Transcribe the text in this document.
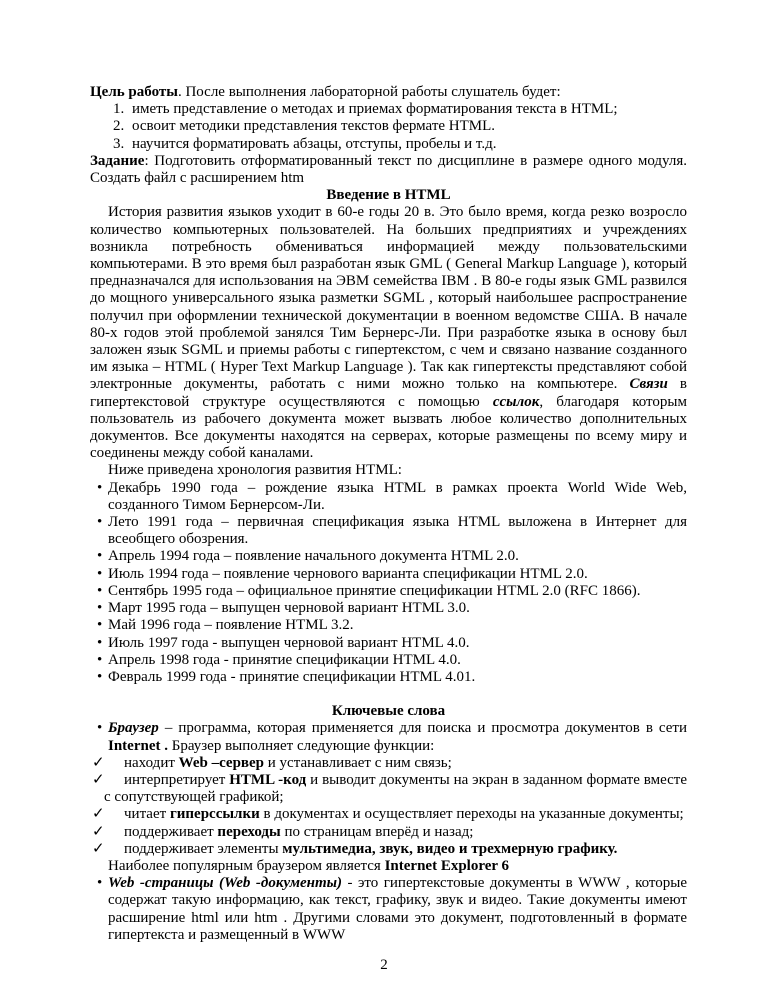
Цель работы. После выполнения лабораторной работы слушатель будет:

1. иметь представление о методах и приемах форматирования текста в HTML;
2. освоит методики представления текстов фермате HTML.
3. научится форматировать абзацы, отступы, пробелы и т.д.

Задание: Подготовить отформатированный текст по дисциплине в размере одного модуля. Создать файл с расширением htm

Введение в HTML

История развития языков уходит в 60-е годы 20 в. Это было время, когда резко возросло количество компьютерных пользователей. На больших предприятиях и учреждениях возникла потребность обмениваться информацией между пользовательскими компьютерами. В это время был разработан язык GML ( General Markup Language ), который предназначался для использования на ЭВМ семейства IBM . В 80-е годы язык GML развился до мощного универсального языка разметки SGML , который наибольшее распространение получил при оформлении технической документации в военном ведомстве США. В начале 80-х годов этой проблемой занялся Тим Бернерс-Ли. При разработке языка в основу был заложен язык SGML и приемы работы с гипертекстом, с чем и связано название созданного им языка – HTML ( Hyper Text Markup Language ). Так как гипертексты представляют собой электронные документы, работать с ними можно только на компьютере. Связи в гипертекстовой структуре осуществляются с помощью ссылок, благодаря которым пользователь из рабочего документа может вызвать любое количество дополнительных документов. Все документы находятся на серверах, которые размещены по всему миру и соединены между собой каналами.

Ниже приведена хронология развития HTML:

• Декабрь 1990 года – рождение языка HTML в рамках проекта World Wide Web, созданного Тимом Бернерсом-Ли.
• Лето 1991 года – первичная спецификация языка HTML выложена в Интернет для всеобщего обозрения.
• Апрель 1994 года – появление начального документа HTML 2.0.
• Июль 1994 года – появление чернового варианта спецификации HTML 2.0.
• Сентябрь 1995 года – официальное принятие спецификации HTML 2.0 (RFC 1866).
• Март 1995 года – выпущен черновой вариант HTML 3.0.
• Май 1996 года – появление HTML 3.2.
• Июль 1997 года - выпущен черновой вариант HTML 4.0.
• Апрель 1998 года - принятие спецификации HTML 4.0.
• Февраль 1999 года - принятие спецификации HTML 4.01.

Ключевые слова

• Браузер – программа, которая применяется для поиска и просмотра документов в сети Internet . Браузер выполняет следующие функции:

✓ находит Web –сервер и устанавливает с ним связь;

✓ интерпретирует HTML -код и выводит документы на экран в заданном формате вместе с сопутствующей графикой;

✓ читает гиперссылки в документах и осуществляет переходы на указанные документы;

✓ поддерживает переходы по страницам вперёд и назад;

✓ поддерживает элементы мультимедиа, звук, видео и трехмерную графику.

Наиболее популярным браузером является Internet Explorer 6

• Web -страницы (Web -документы) - это гипертекстовые документы в WWW , которые содержат такую информацию, как текст, графику, звук и видео. Такие документы имеют расширение html или htm . Другими словами это документ, подготовленный в формате гипертекста и размещенный в WWW
2
